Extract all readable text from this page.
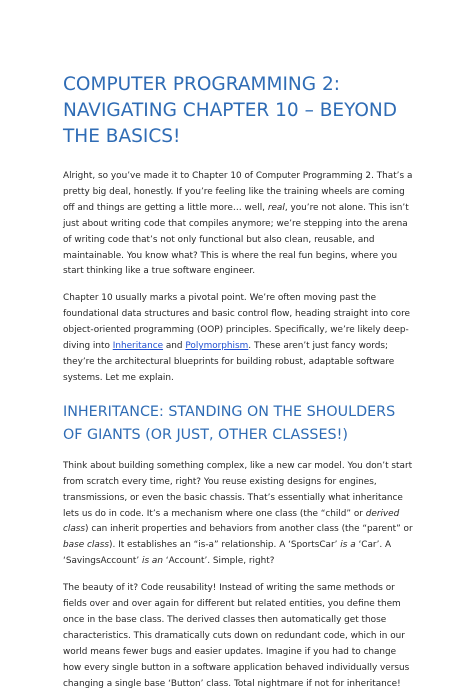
COMPUTER PROGRAMMING 2: NAVIGATING CHAPTER 10 – BEYOND THE BASICS!

Alright, so you’ve made it to Chapter 10 of Computer Programming 2. That’s a pretty big deal, honestly. If you’re feeling like the training wheels are coming off and things are getting a little more… well, real, you’re not alone. This isn’t just about writing code that compiles anymore; we’re stepping into the arena of writing code that’s not only functional but also clean, reusable, and maintainable. You know what? This is where the real fun begins, where you start thinking like a true software engineer.

Chapter 10 usually marks a pivotal point. We’re often moving past the foundational data structures and basic control flow, heading straight into core object-oriented programming (OOP) principles. Specifically, we’re likely deep-diving into Inheritance and Polymorphism. These aren’t just fancy words; they’re the architectural blueprints for building robust, adaptable software systems. Let me explain.

INHERITANCE: STANDING ON THE SHOULDERS OF GIANTS (OR JUST, OTHER CLASSES!)

Think about building something complex, like a new car model. You don’t start from scratch every time, right? You reuse existing designs for engines, transmissions, or even the basic chassis. That’s essentially what inheritance lets us do in code. It’s a mechanism where one class (the “child” or derived class) can inherit properties and behaviors from another class (the “parent” or base class). It establishes an “is-a” relationship. A ‘SportsCar’ is a ‘Car’. A ‘SavingsAccount’ is an ‘Account’. Simple, right?

The beauty of it? Code reusability! Instead of writing the same methods or fields over and over again for different but related entities, you define them once in the base class. The derived classes then automatically get those characteristics. This dramatically cuts down on redundant code, which in our world means fewer bugs and easier updates. Imagine if you had to change how every single button in a software application behaved individually versus changing a single base ‘Button’ class. Total nightmare if not for inheritance!
